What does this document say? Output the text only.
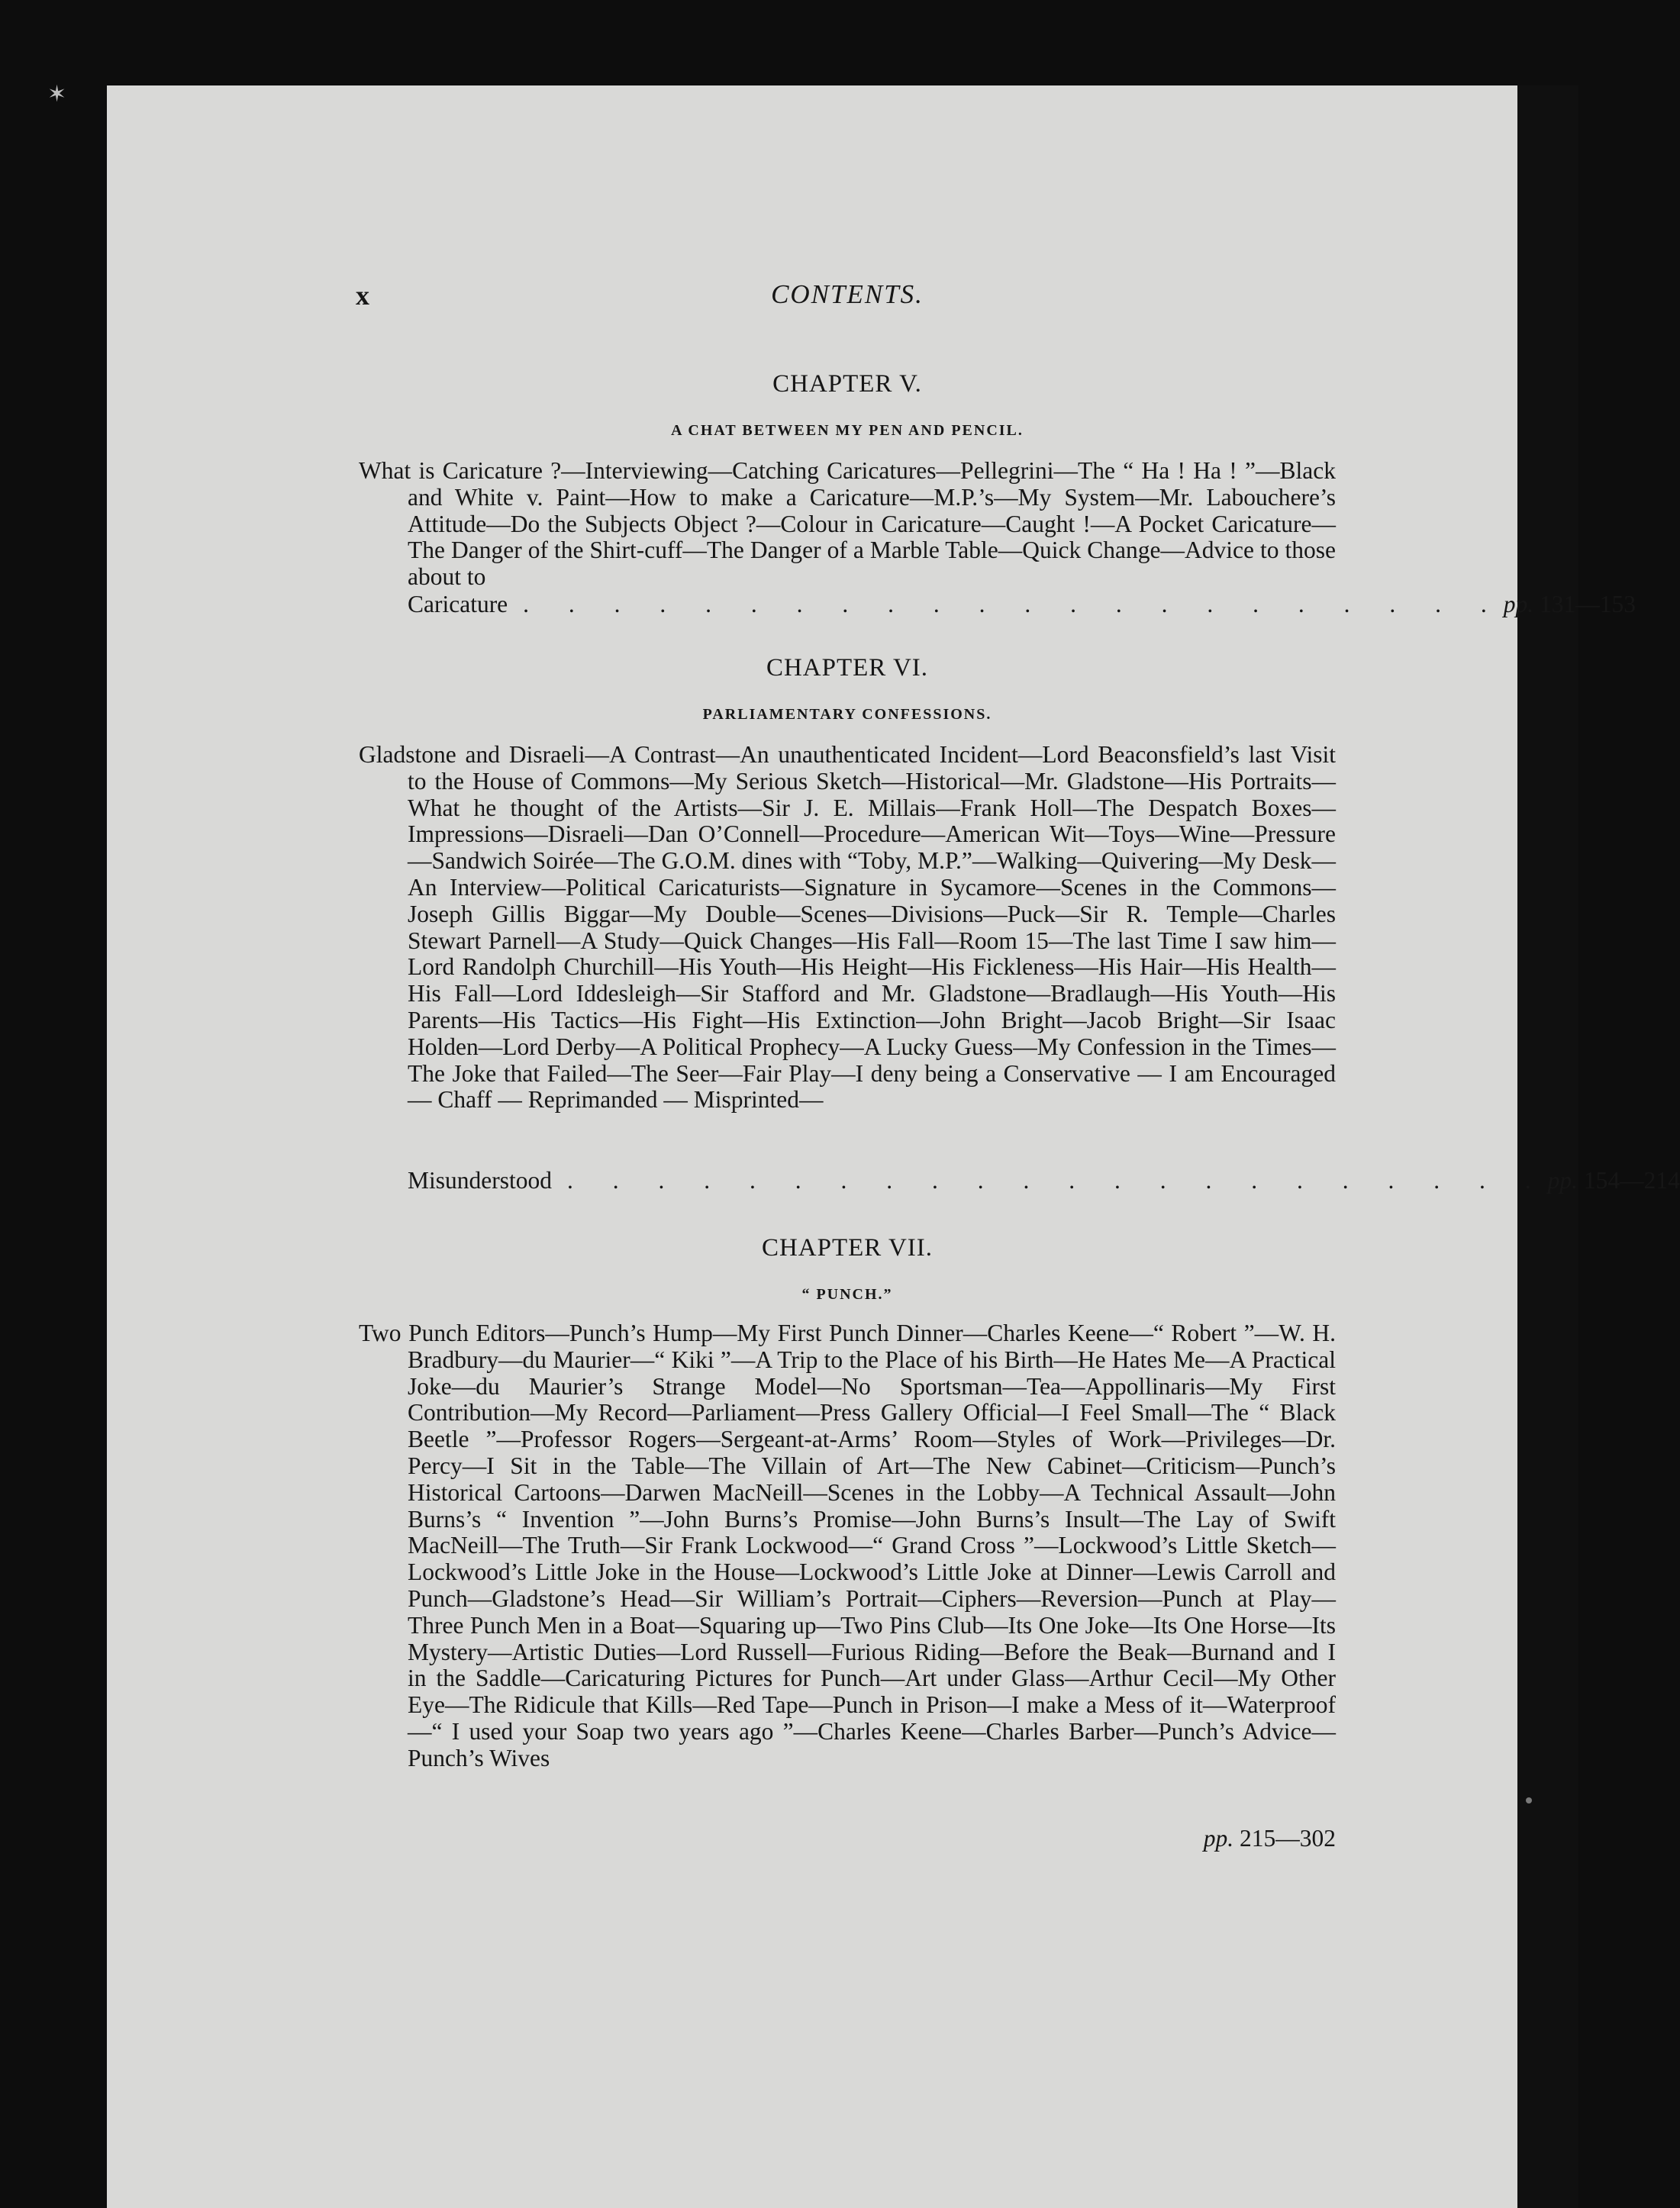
✶
x	CONTENTS.
CHAPTER V.
A CHAT BETWEEN MY PEN AND PENCIL.
What is Caricature ?—Interviewing—Catching Caricatures—Pellegrini—The “ Ha ! Ha ! ”—Black and White v. Paint—How to make a Caricature—M.P.’s—My System—Mr. Labouchere’s Attitude—Do the Subjects Object ?—Colour in Caricature—Caught !—A Pocket Caricature—The Danger of the Shirt-cuff—The Danger of a Marble Table—Quick Change—Advice to those about to
Caricature . . . . . . . . . . . . . . . . . . . . . . pp. 131—153
CHAPTER VI.
PARLIAMENTARY CONFESSIONS.
Gladstone and Disraeli—A Contrast—An unauthenticated Incident—Lord Beaconsfield’s last Visit to the House of Commons—My Serious Sketch—Historical—Mr. Gladstone—His Portraits—What he thought of the Artists—Sir J. E. Millais—Frank Holl—The Despatch Boxes—Impressions—Disraeli—Dan O’Connell—Procedure—American Wit—Toys—Wine—Pressure—Sandwich Soirée—The G.O.M. dines with “Toby, M.P.”—Walking—Quivering—My Desk—An Interview—Political Caricaturists—Signature in Sycamore—Scenes in the Commons—Joseph Gillis Biggar—My Double—Scenes—Divisions—Puck—Sir R. Temple—Charles Stewart Parnell—A Study—Quick Changes—His Fall—Room 15—The last Time I saw him—Lord Randolph Churchill—His Youth—His Height—His Fickleness—His Hair—His Health—His Fall—Lord Iddesleigh—Sir Stafford and Mr. Gladstone—Bradlaugh—His Youth—His Parents—His Tactics—His Fight—His Extinction—John Bright—Jacob Bright—Sir Isaac Holden—Lord Derby—A Political Prophecy—A Lucky Guess—My Confession in the Times—The Joke that Failed—The Seer—Fair Play—I deny being a Conservative — I am Encouraged — Chaff — Reprimanded — Misprinted—
Misunderstood . . . . . . . . . . . . . . . . . . . . . . pp. 154—214
CHAPTER VII.
“ PUNCH.”
Two Punch Editors—Punch’s Hump—My First Punch Dinner—Charles Keene—“ Robert ”—W. H. Bradbury—du Maurier—“ Kiki ”—A Trip to the Place of his Birth—He Hates Me—A Practical Joke—du Maurier’s Strange Model—No Sportsman—Tea—Appollinaris—My First Contribution—My Record—Parliament—Press Gallery Official—I Feel Small—The “ Black Beetle ”—Professor Rogers—Sergeant-at-Arms’ Room—Styles of Work—Privileges—Dr. Percy—I Sit in the Table—The Villain of Art—The New Cabinet—Criticism—Punch’s Historical Cartoons—Darwen MacNeill—Scenes in the Lobby—A Technical Assault—John Burns’s “ Invention ”—John Burns’s Promise—John Burns’s Insult—The Lay of Swift MacNeill—The Truth—Sir Frank Lockwood—“ Grand Cross ”—Lockwood’s Little Sketch—Lockwood’s Little Joke in the House—Lockwood’s Little Joke at Dinner—Lewis Carroll and Punch—Gladstone’s Head—Sir William’s Portrait—Ciphers—Reversion—Punch at Play—Three Punch Men in a Boat—Squaring up—Two Pins Club—Its One Joke—Its One Horse—Its Mystery—Artistic Duties—Lord Russell—Furious Riding—Before the Beak—Burnand and I in the Saddle—Caricaturing Pictures for Punch—Art under Glass—Arthur Cecil—My Other Eye—The Ridicule that Kills—Red Tape—Punch in Prison—I make a Mess of it—Waterproof—“ I used your Soap two years ago ”—Charles Keene—Charles Barber—Punch’s Advice—Punch’s Wives
pp. 215—302
